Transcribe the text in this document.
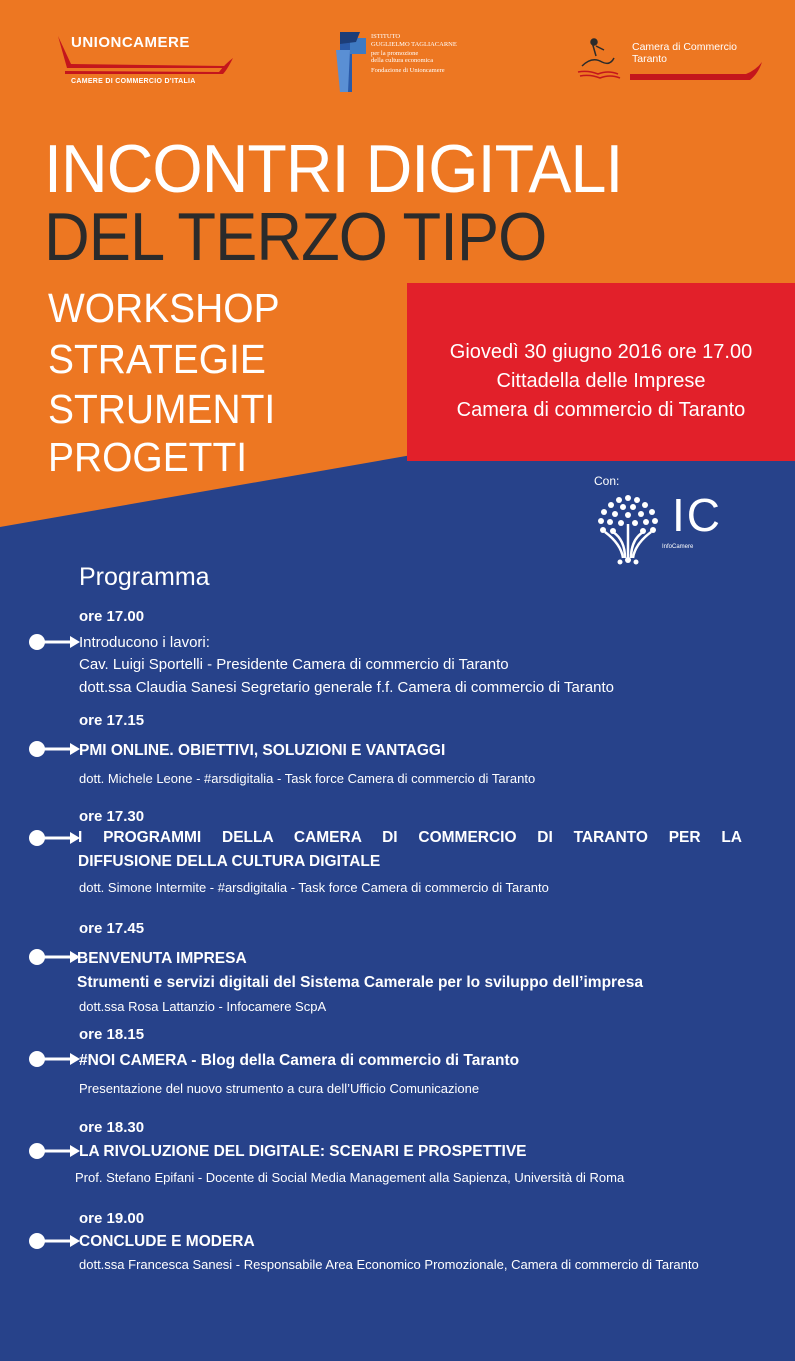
UNIONCAMERE
CAMERE DI COMMERCIO D'ITALIA
ISTITUTO
GUGLIELMO TAGLIACARNE
per la promozione
della cultura economica
Fondazione di Unioncamere
Camera di Commercio
Taranto
INCONTRI DIGITALI
DEL TERZO TIPO
WORKSHOP
STRATEGIE
STRUMENTI
PROGETTI
Giovedì 30 giugno 2016 ore 17.00
Cittadella delle Imprese
Camera di commercio di Taranto
Con:
IC
InfoCamere
Programma
ore 17.00
Introducono i lavori:
Cav. Luigi Sportelli - Presidente Camera di commercio di Taranto
dott.ssa Claudia Sanesi Segretario generale f.f. Camera di commercio di Taranto
ore 17.15
PMI ONLINE. OBIETTIVI, SOLUZIONI E VANTAGGI
dott. Michele Leone - #arsdigitalia - Task force Camera di commercio di Taranto
ore 17.30
I PROGRAMMI DELLA CAMERA DI COMMERCIO DI TARANTO PER LA
DIFFUSIONE DELLA CULTURA DIGITALE
dott. Simone Intermite - #arsdigitalia - Task force Camera di commercio di Taranto
ore 17.45
BENVENUTA IMPRESA
Strumenti e servizi digitali del Sistema Camerale per lo sviluppo dell’impresa
dott.ssa Rosa Lattanzio - Infocamere ScpA
ore 18.15
#NOI CAMERA - Blog della Camera di commercio di Taranto
Presentazione del nuovo strumento a cura dell’Ufficio Comunicazione
ore 18.30
LA RIVOLUZIONE DEL DIGITALE: SCENARI E PROSPETTIVE
Prof. Stefano Epifani - Docente di Social Media Management alla Sapienza, Università di Roma
ore 19.00
CONCLUDE E MODERA
dott.ssa Francesca Sanesi - Responsabile Area Economico Promozionale, Camera di commercio di Taranto
